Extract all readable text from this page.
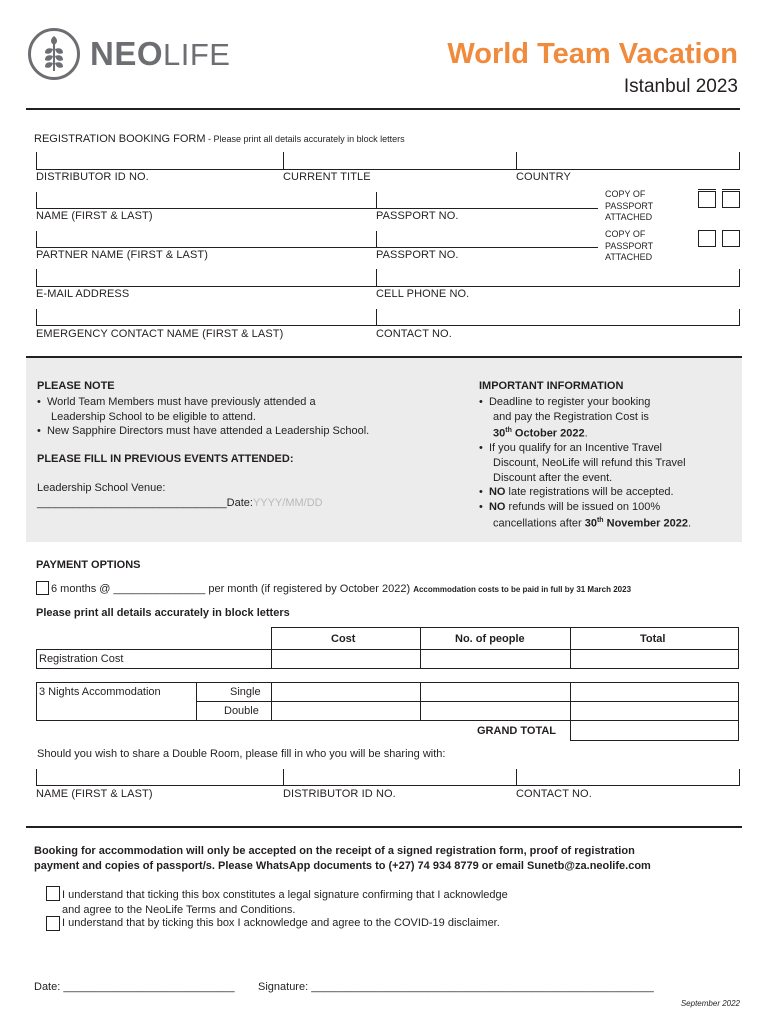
NEOLIFE	World Team Vacation
Istanbul 2023
REGISTRATION BOOKING FORM - Please print all details accurately in block letters
DISTRIBUTOR ID NO.	CURRENT TITLE	COUNTRY
NAME (FIRST & LAST)	PASSPORT NO.
COPY OF
PASSPORT
ATTACHED
PARTNER NAME (FIRST & LAST)	PASSPORT NO.
COPY OF
PASSPORT
ATTACHED
E-MAIL ADDRESS	CELL PHONE NO.
EMERGENCY CONTACT NAME (FIRST & LAST)	CONTACT NO.
PLEASE NOTE
•  World Team Members must have previously attended a
Leadership School to be eligible to attend.
•  New Sapphire Directors must have attended a Leadership School.
PLEASE FILL IN PREVIOUS EVENTS ATTENDED:
Leadership School Venue:
_______________________________Date:YYYY/MM/DD
IMPORTANT INFORMATION
•  Deadline to register your booking
and pay the Registration Cost is
30th October 2022.
•  If you qualify for an Incentive Travel
Discount, NeoLife will refund this Travel
Discount after the event.
•  NO late registrations will be accepted.
•  NO refunds will be issued on 100%
cancellations after 30th November 2022.
PAYMENT OPTIONS
6 months @ _______________ per month (if registered by October 2022) Accommodation costs to be paid in full by 31 March 2023
Please print all details accurately in block letters
Cost	No. of people	Total
Registration Cost
3 Nights Accommodation	Single
Double
GRAND TOTAL
Should you wish to share a Double Room, please fill in who you will be sharing with:
NAME (FIRST & LAST)	DISTRIBUTOR ID NO.	CONTACT NO.
Booking for accommodation will only be accepted on the receipt of a signed registration form, proof of registration
payment and copies of passport/s. Please WhatsApp documents to (+27) 74 934 8779 or email Sunetb@za.neolife.com
I understand that ticking this box constitutes a legal signature confirming that I acknowledge
and agree to the NeoLife Terms and Conditions.
I understand that by ticking this box I acknowledge and agree to the COVID-19 disclaimer.
Date: ____________________________ Signature: ________________________________________________________
September 2022
